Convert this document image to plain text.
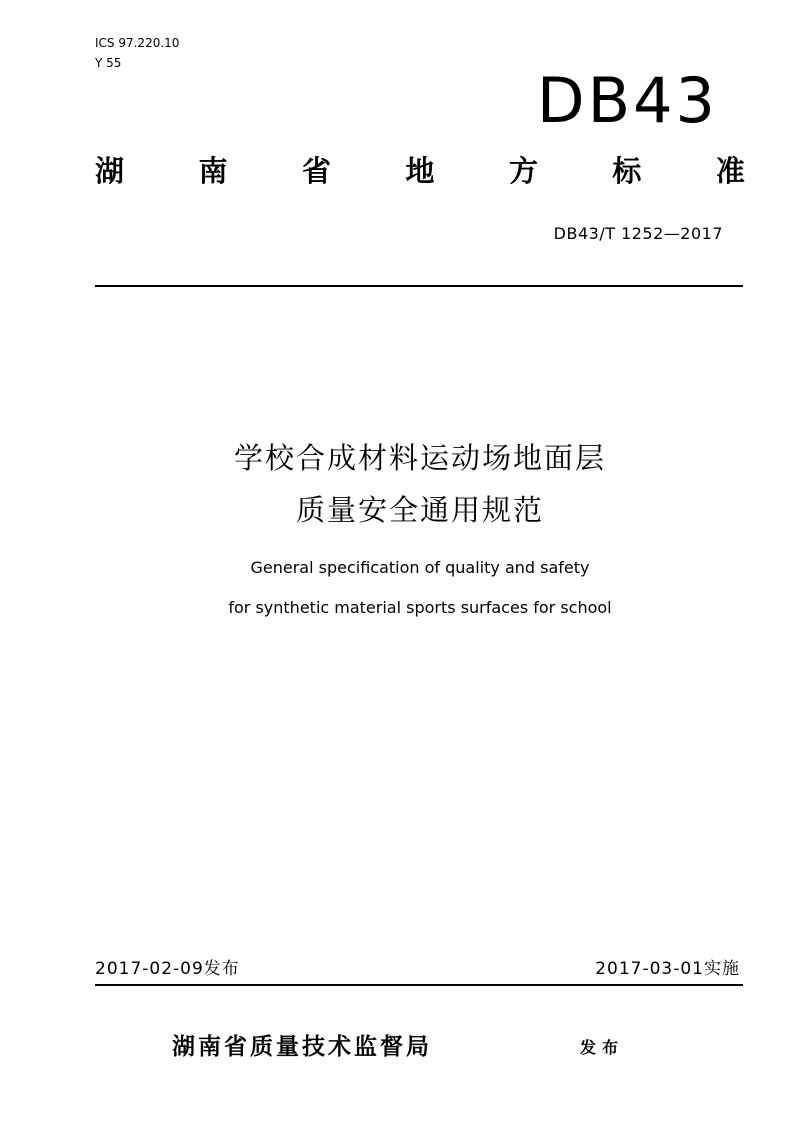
ICS 97.220.10
Y 55
DB43
湖	南	省	地	方	标	准
DB43/T 1252—2017
学校合成材料运动场地面层
质量安全通用规范
General specification of quality and safety
for synthetic material sports surfaces for school
2017-02-09发布	2017-03-01实施
湖南省质量技术监督局	发布
